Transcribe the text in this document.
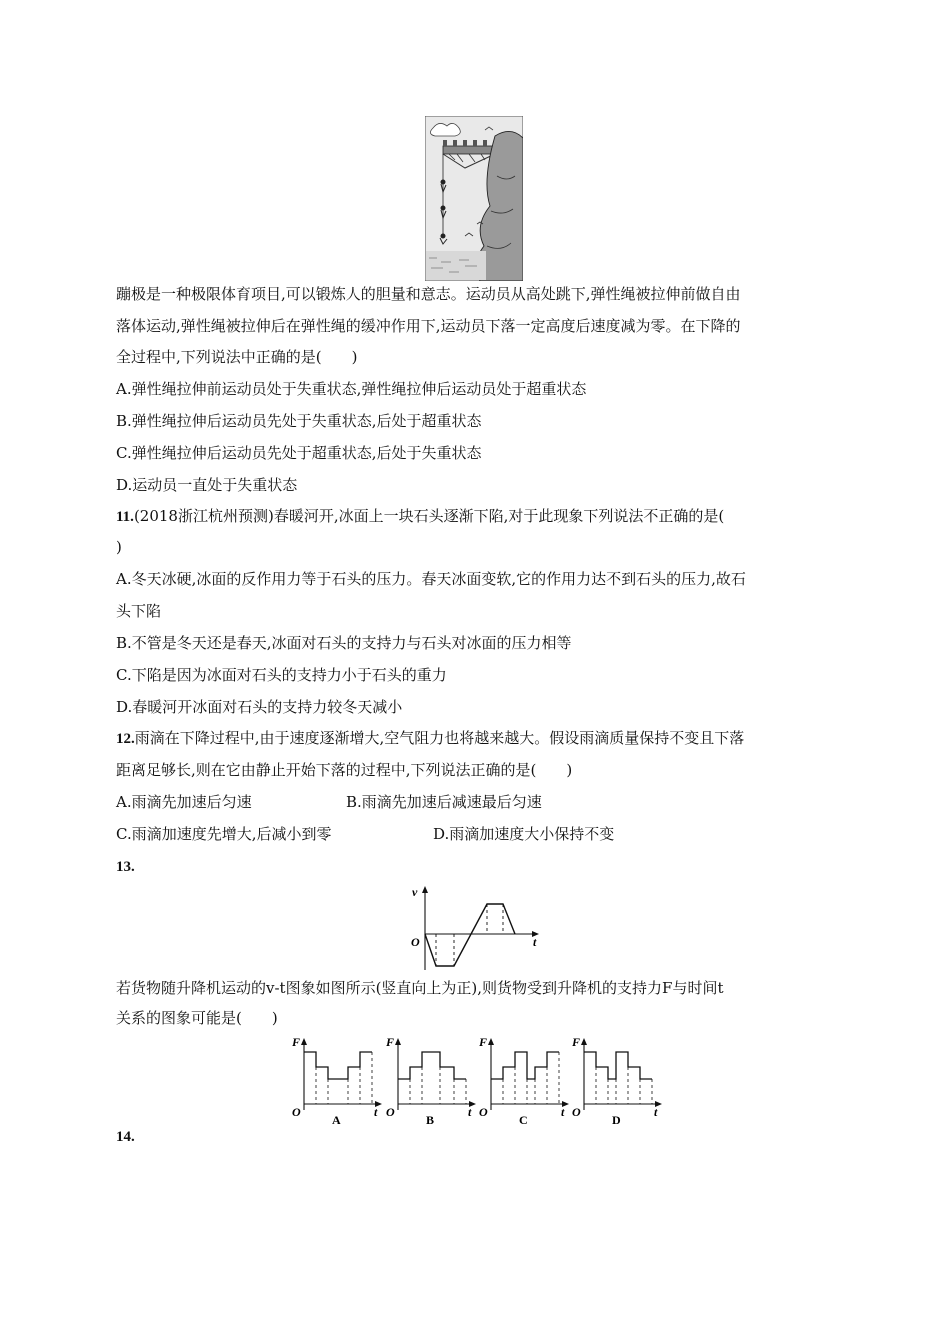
蹦极是一种极限体育项目,可以锻炼人的胆量和意志。运动员从高处跳下,弹性绳被拉伸前做自由
落体运动,弹性绳被拉伸后在弹性绳的缓冲作用下,运动员下落一定高度后速度减为零。在下降的
全过程中,下列说法中正确的是(　　)
A.弹性绳拉伸前运动员处于失重状态,弹性绳拉伸后运动员处于超重状态
B.弹性绳拉伸后运动员先处于失重状态,后处于超重状态
C.弹性绳拉伸后运动员先处于超重状态,后处于失重状态
D.运动员一直处于失重状态
11.(2018浙江杭州预测)春暖河开,冰面上一块石头逐渐下陷,对于此现象下列说法不正确的是(
)
A.冬天冰硬,冰面的反作用力等于石头的压力。春天冰面变软,它的作用力达不到石头的压力,故石
头下陷
B.不管是冬天还是春天,冰面对石头的支持力与石头对冰面的压力相等
C.下陷是因为冰面对石头的支持力小于石头的重力
D.春暖河开冰面对石头的支持力较冬天减小
12.雨滴在下降过程中,由于速度逐渐增大,空气阻力也将越来越大。假设雨滴质量保持不变且下落
距离足够长,则在它由静止开始下落的过程中,下列说法正确的是(　　)
A.雨滴先加速后匀速	B.雨滴先加速后减速最后匀速
C.雨滴加速度先增大,后减小到零	D.雨滴加速度大小保持不变
13.
v
t
O
若货物随升降机运动的v-t图象如图所示(竖直向上为正),则货物受到升降机的支持力F与时间t
关系的图象可能是(　　)
F
t
O
A
F
t
O
B
F
t
O
C
F
t
O
D
14.
